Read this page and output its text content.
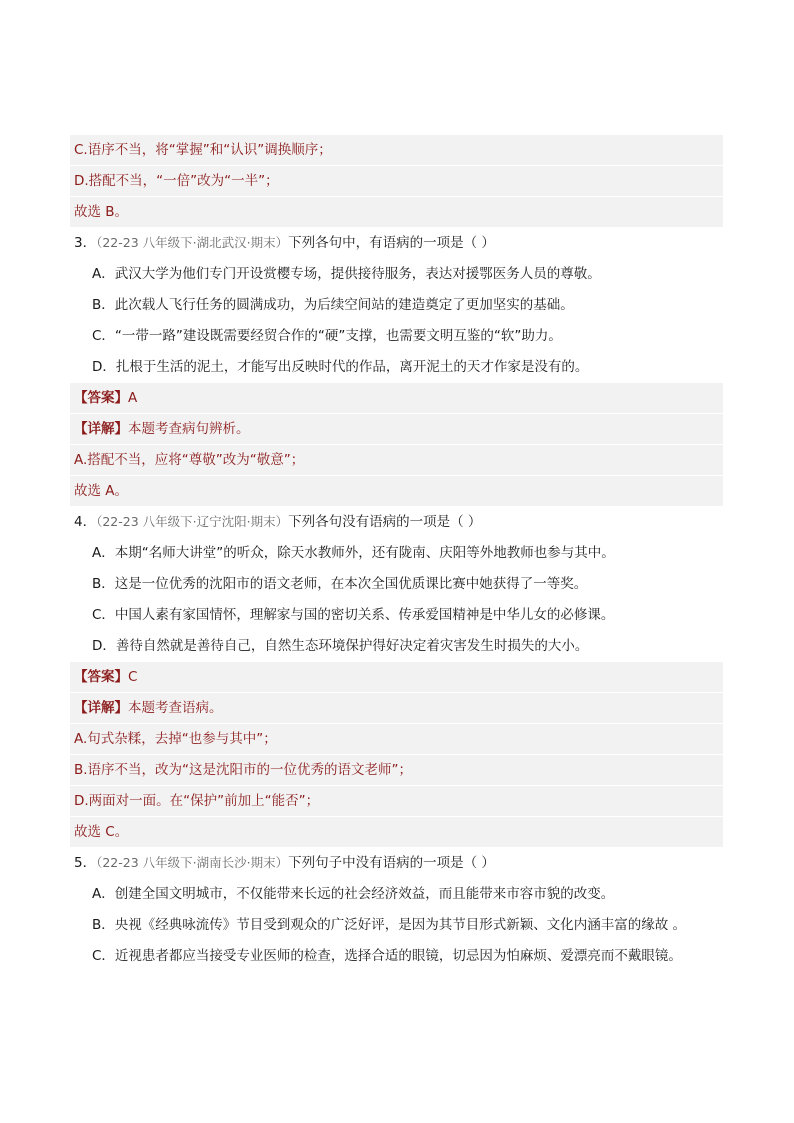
C.语序不当，将“掌握”和“认识”调换顺序；
D.搭配不当，“一倍”改为“一半”；
故选 B。
3．（22-23 八年级下·湖北武汉·期末）下列各句中，有语病的一项是（ ）
A．武汉大学为他们专门开设赏樱专场，提供接待服务，表达对援鄂医务人员的尊敬。
B．此次载人飞行任务的圆满成功，为后续空间站的建造奠定了更加坚实的基础。
C．“一带一路”建设既需要经贸合作的“硬”支撑，也需要文明互鉴的“软”助力。
D．扎根于生活的泥土，才能写出反映时代的作品，离开泥土的天才作家是没有的。
【答案】A
【详解】本题考查病句辨析。
A.搭配不当，应将“尊敬”改为“敬意”；
故选 A。
4．（22-23 八年级下·辽宁沈阳·期末）下列各句没有语病的一项是（ ）
A．本期“名师大讲堂”的听众，除天水教师外，还有陇南、庆阳等外地教师也参与其中。
B．这是一位优秀的沈阳市的语文老师，在本次全国优质课比赛中她获得了一等奖。
C．中国人素有家国情怀，理解家与国的密切关系、传承爱国精神是中华儿女的必修课。
D．善待自然就是善待自己，自然生态环境保护得好决定着灾害发生时损失的大小。
【答案】C
【详解】本题考查语病。
A.句式杂糅，去掉“也参与其中”；
B.语序不当，改为“这是沈阳市的一位优秀的语文老师”；
D.两面对一面。在“保护”前加上“能否”；
故选 C。
5．（22-23 八年级下·湖南长沙·期末）下列句子中没有语病的一项是（ ）
A．创建全国文明城市，不仅能带来长远的社会经济效益，而且能带来市容市貌的改变。
B．央视《经典咏流传》节目受到观众的广泛好评，是因为其节目形式新颖、文化内涵丰富的缘故 。
C．近视患者都应当接受专业医师的检查，选择合适的眼镜，切忌因为怕麻烦、爱漂亮而不戴眼镜。
